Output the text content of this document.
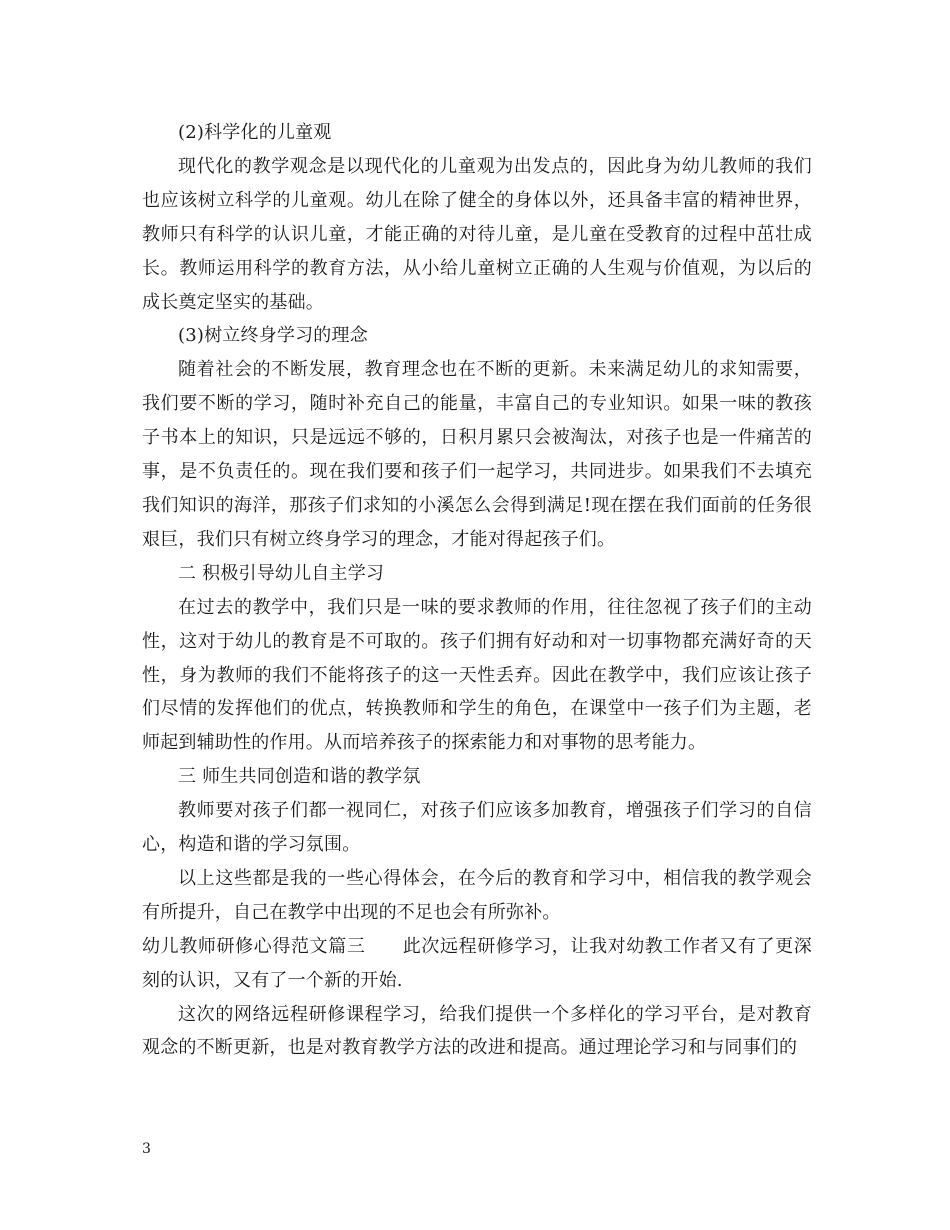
(2)科学化的儿童观

现代化的教学观念是以现代化的儿童观为出发点的，因此身为幼儿教师的我们也应该树立科学的儿童观。幼儿在除了健全的身体以外，还具备丰富的精神世界，教师只有科学的认识儿童，才能正确的对待儿童，是儿童在受教育的过程中茁壮成长。教师运用科学的教育方法，从小给儿童树立正确的人生观与价值观，为以后的成长奠定坚实的基础。

(3)树立终身学习的理念

随着社会的不断发展，教育理念也在不断的更新。未来满足幼儿的求知需要，我们要不断的学习，随时补充自己的能量，丰富自己的专业知识。如果一味的教孩子书本上的知识，只是远远不够的，日积月累只会被淘汰，对孩子也是一件痛苦的事，是不负责任的。现在我们要和孩子们一起学习，共同进步。如果我们不去填充我们知识的海洋，那孩子们求知的小溪怎么会得到满足!现在摆在我们面前的任务很艰巨，我们只有树立终身学习的理念，才能对得起孩子们。

二 积极引导幼儿自主学习

在过去的教学中，我们只是一味的要求教师的作用，往往忽视了孩子们的主动性，这对于幼儿的教育是不可取的。孩子们拥有好动和对一切事物都充满好奇的天性，身为教师的我们不能将孩子的这一天性丢弃。因此在教学中，我们应该让孩子们尽情的发挥他们的优点，转换教师和学生的角色，在课堂中一孩子们为主题，老师起到辅助性的作用。从而培养孩子的探索能力和对事物的思考能力。

三 师生共同创造和谐的教学氛

教师要对孩子们都一视同仁，对孩子们应该多加教育，增强孩子们学习的自信心，构造和谐的学习氛围。

以上这些都是我的一些心得体会，在今后的教育和学习中，相信我的教学观会有所提升，自己在教学中出现的不足也会有所弥补。

幼儿教师研修心得范文篇三　　此次远程研修学习，让我对幼教工作者又有了更深刻的认识，又有了一个新的开始.

这次的网络远程研修课程学习，给我们提供一个多样化的学习平台，是对教育观念的不断更新，也是对教育教学方法的改进和提高。通过理论学习和与同事们的

3
